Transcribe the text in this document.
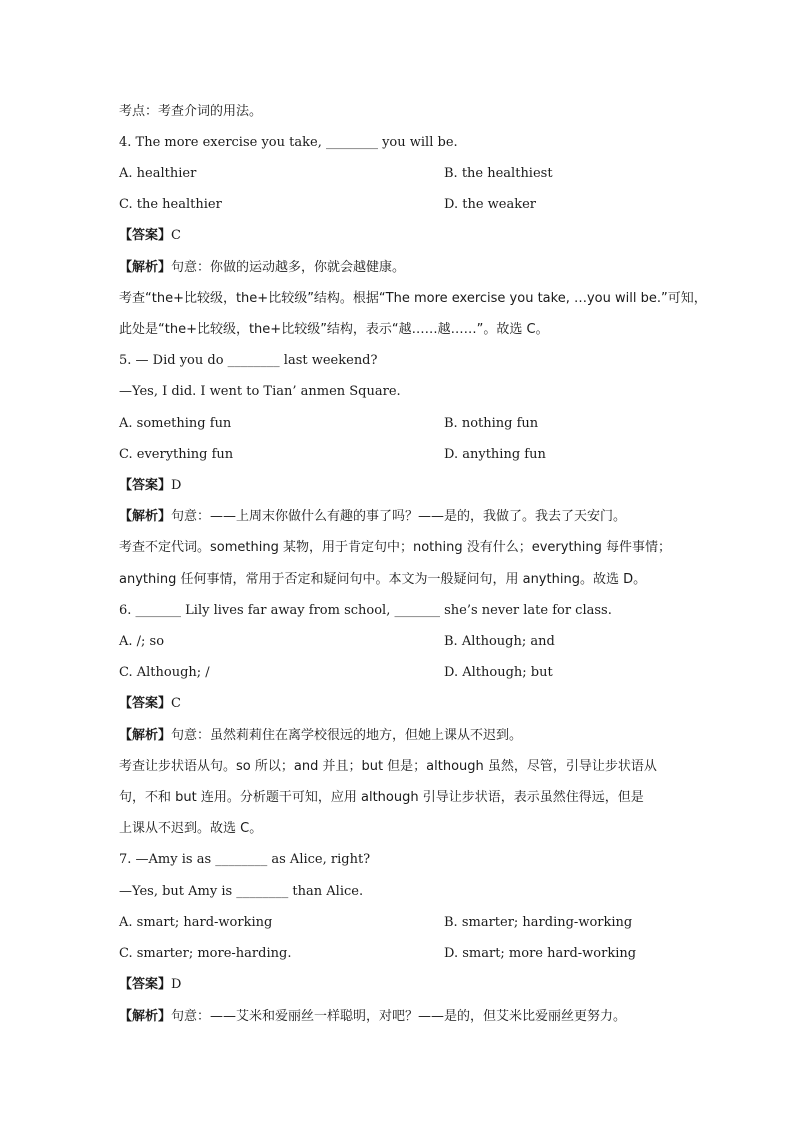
考点：考查介词的用法。
4. The more exercise you take, ________ you will be.
A. healthier	B. the healthiest
C. the healthier	D. the weaker
【答案】C
【解析】句意：你做的运动越多，你就会越健康。
考查“the+比较级，the+比较级”结构。根据“The more exercise you take, …you will be.”可知，
此处是“the+比较级，the+比较级”结构，表示“越……越……”。故选 C。
5. — Did you do ________ last weekend?
—Yes, I did. I went to Tian’ anmen Square.
A. something fun	B. nothing fun
C. everything fun	D. anything fun
【答案】D
【解析】句意：——上周末你做什么有趣的事了吗？——是的，我做了。我去了天安门。
考查不定代词。something 某物，用于肯定句中；nothing 没有什么；everything 每件事情；
anything 任何事情，常用于否定和疑问句中。本文为一般疑问句，用 anything。故选 D。
6. _______ Lily lives far away from school, _______ she’s never late for class.
A. /; so	B. Although; and
C. Although; /	D. Although; but
【答案】C
【解析】句意：虽然莉莉住在离学校很远的地方，但她上课从不迟到。
考查让步状语从句。so 所以；and 并且；but 但是；although 虽然，尽管，引导让步状语从
句，不和 but 连用。分析题干可知，应用 although 引导让步状语，表示虽然住得远，但是
上课从不迟到。故选 C。
7. —Amy is as ________ as Alice, right?
—Yes, but Amy is ________ than Alice.
A. smart; hard-working	B. smarter; harding-working
C. smarter; more-harding.	D. smart; more hard-working
【答案】D
【解析】句意：——艾米和爱丽丝一样聪明，对吧？——是的，但艾米比爱丽丝更努力。
